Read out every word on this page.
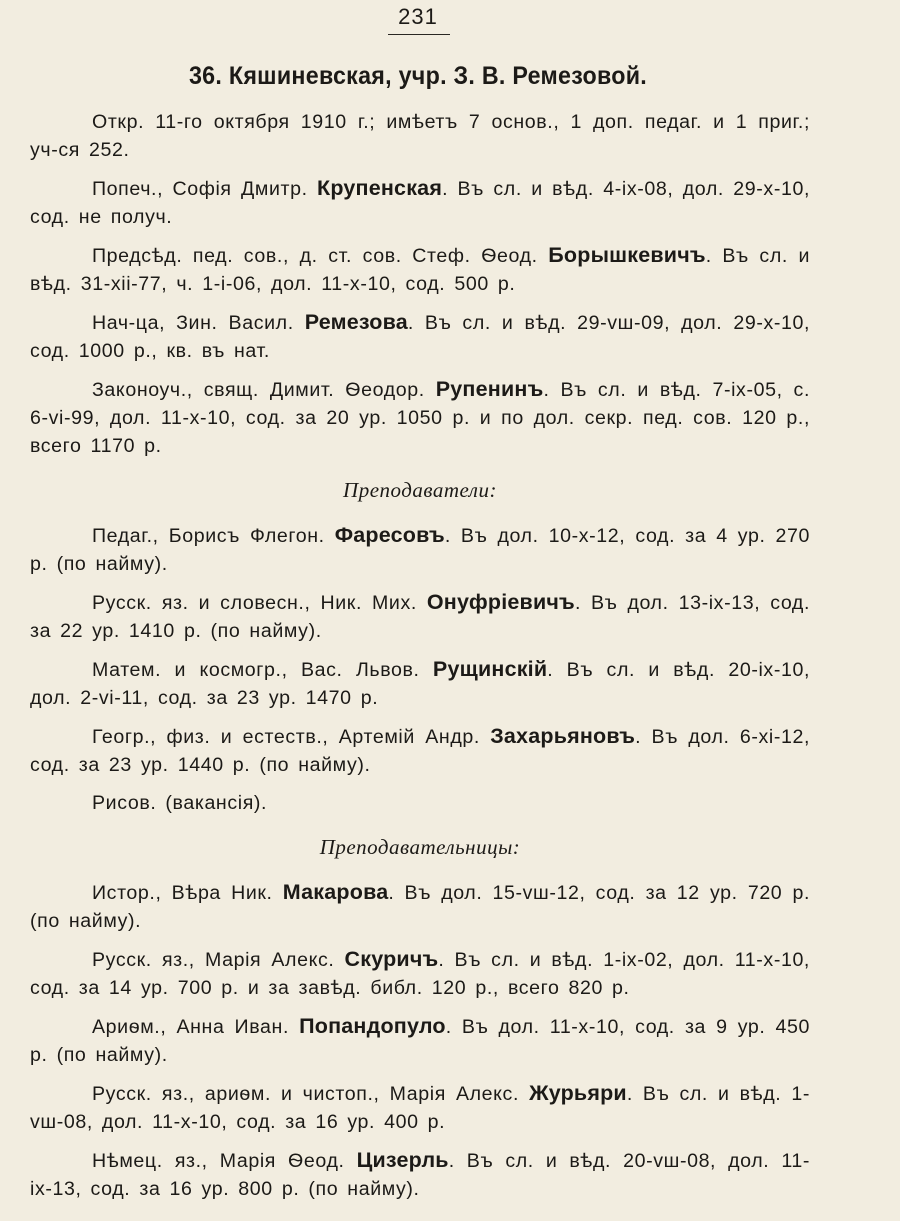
231
36. Кяшиневская, учр. З. В. Ремезовой.

Откр. 11-го октября 1910 г.; имѣетъ 7 основ., 1 доп. педаг. и 1 приг.; уч-ся 252.

Попеч., Софія Дмитр. Крупенская. Въ сл. и вѣд. 4-іх-08, дол. 29-х-10, сод. не получ.

Предсѣд. пед. сов., д. ст. сов. Стеф. Ѳеод. Борышкевичъ. Въ сл. и вѣд. 31-хіі-77, ч. 1-і-06, дол. 11-х-10, сод. 500 р.

Нач-ца, Зин. Васил. Ремезова. Въ сл. и вѣд. 29-vш-09, дол. 29-х-10, сод. 1000 р., кв. въ нат.

Законоуч., свящ. Димит. Ѳеодор. Рупенинъ. Въ сл. и вѣд. 7-іх-05, с. 6-vі-99, дол. 11-х-10, сод. за 20 ур. 1050 р. и по дол. секр. пед. сов. 120 р., всего 1170 р.

Преподаватели:

Педаг., Борисъ Флегон. Фаресовъ. Въ дол. 10-х-12, сод. за 4 ур. 270 р. (по найму).

Русск. яз. и словесн., Ник. Мих. Онуфріевичъ. Въ дол. 13-іх-13, сод. за 22 ур. 1410 р. (по найму).

Матем. и космогр., Вас. Львов. Рущинскій. Въ сл. и вѣд. 20-іх-10, дол. 2-vі-11, сод. за 23 ур. 1470 р.

Геогр., физ. и естеств., Артемій Андр. Захарьяновъ. Въ дол. 6-хі-12, сод. за 23 ур. 1440 р. (по найму).

Рисов. (вакансія).

Преподавательницы:

Истор., Вѣра Ник. Макарова. Въ дол. 15-vш-12, сод. за 12 ур. 720 р. (по найму).

Русск. яз., Марія Алекс. Скуричъ. Въ сл. и вѣд. 1-іх-02, дол. 11-х-10, сод. за 14 ур. 700 р. и за завѣд. библ. 120 р., всего 820 р.

Ариѳм., Анна Иван. Попандопуло. Въ дол. 11-х-10, сод. за 9 ур. 450 р. (по найму).

Русск. яз., ариѳм. и чистоп., Марія Алекс. Журьяри. Въ сл. и вѣд. 1-vш-08, дол. 11-х-10, сод. за 16 ур. 400 р.

Нѣмец. яз., Марія Ѳеод. Цизерль. Въ сл. и вѣд. 20-vш-08, дол. 11-іх-13, сод. за 16 ур. 800 р. (по найму).
